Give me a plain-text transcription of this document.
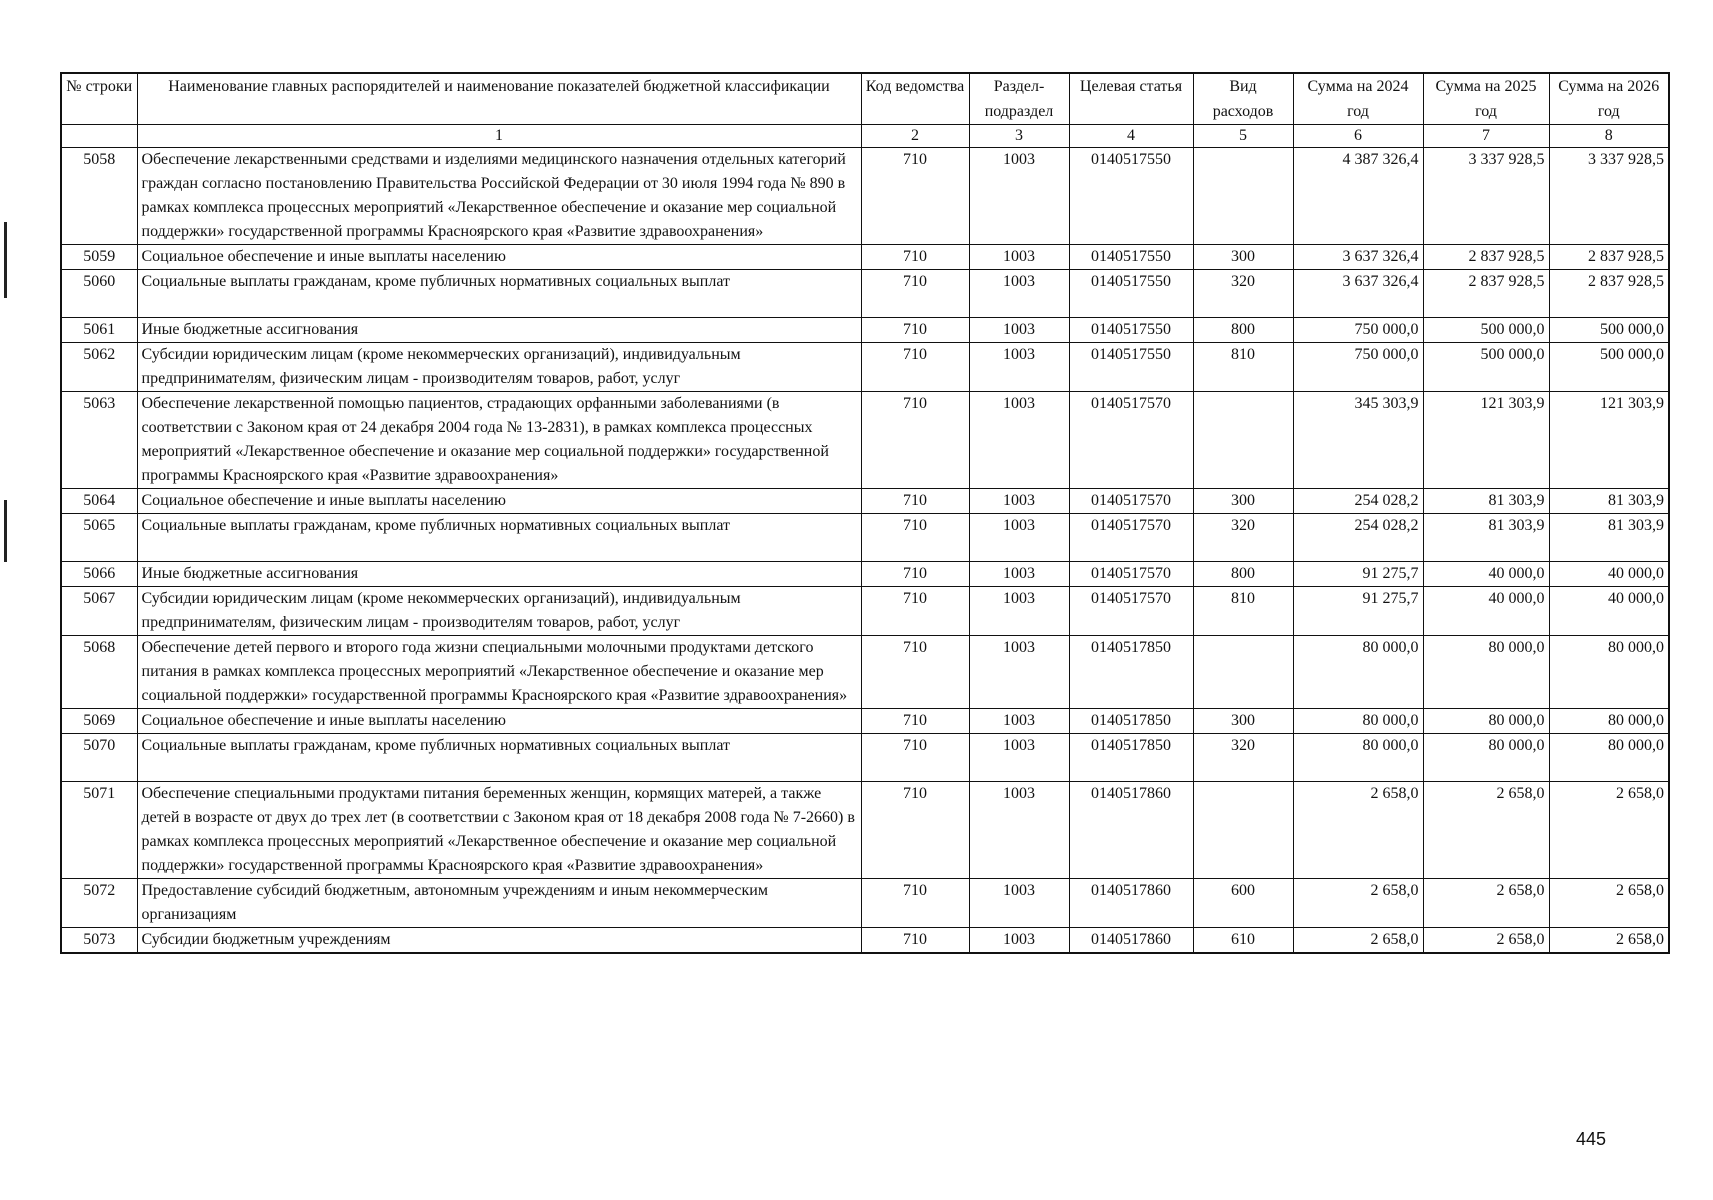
№ строки	Наименование главных распорядителей и наименование показателей бюджетной классификации	Код ведомства	Раздел-подраздел	Целевая статья	Вид расходов	Сумма на 2024 год	Сумма на 2025 год	Сумма на 2026 год
	1	2	3	4	5	6	7	8
5058	Обеспечение лекарственными средствами и изделиями медицинского назначения отдельных категорий граждан согласно постановлению Правительства Российской Федерации от 30 июля 1994 года № 890 в рамках комплекса процессных мероприятий «Лекарственное обеспечение и оказание мер социальной поддержки» государственной программы Красноярского края «Развитие здравоохранения»	710	1003	0140517550		4 387 326,4	3 337 928,5	3 337 928,5
5059	Социальное обеспечение и иные выплаты населению	710	1003	0140517550	300	3 637 326,4	2 837 928,5	2 837 928,5
5060	Социальные выплаты гражданам, кроме публичных нормативных социальных выплат	710	1003	0140517550	320	3 637 326,4	2 837 928,5	2 837 928,5
5061	Иные бюджетные ассигнования	710	1003	0140517550	800	750 000,0	500 000,0	500 000,0
5062	Субсидии юридическим лицам (кроме некоммерческих организаций), индивидуальным предпринимателям, физическим лицам - производителям товаров, работ, услуг	710	1003	0140517550	810	750 000,0	500 000,0	500 000,0
5063	Обеспечение лекарственной помощью пациентов, страдающих орфанными заболеваниями (в соответствии с Законом края от 24 декабря 2004 года № 13-2831), в рамках комплекса процессных мероприятий «Лекарственное обеспечение и оказание мер социальной поддержки» государственной программы Красноярского края «Развитие здравоохранения»	710	1003	0140517570		345 303,9	121 303,9	121 303,9
5064	Социальное обеспечение и иные выплаты населению	710	1003	0140517570	300	254 028,2	81 303,9	81 303,9
5065	Социальные выплаты гражданам, кроме публичных нормативных социальных выплат	710	1003	0140517570	320	254 028,2	81 303,9	81 303,9
5066	Иные бюджетные ассигнования	710	1003	0140517570	800	91 275,7	40 000,0	40 000,0
5067	Субсидии юридическим лицам (кроме некоммерческих организаций), индивидуальным предпринимателям, физическим лицам - производителям товаров, работ, услуг	710	1003	0140517570	810	91 275,7	40 000,0	40 000,0
5068	Обеспечение детей первого и второго года жизни специальными молочными продуктами детского питания в рамках комплекса процессных мероприятий «Лекарственное обеспечение и оказание мер социальной поддержки» государственной программы Красноярского края «Развитие здравоохранения»	710	1003	0140517850		80 000,0	80 000,0	80 000,0
5069	Социальное обеспечение и иные выплаты населению	710	1003	0140517850	300	80 000,0	80 000,0	80 000,0
5070	Социальные выплаты гражданам, кроме публичных нормативных социальных выплат	710	1003	0140517850	320	80 000,0	80 000,0	80 000,0
5071	Обеспечение специальными продуктами питания беременных женщин, кормящих матерей, а также детей в возрасте от двух до трех лет (в соответствии с Законом края от 18 декабря 2008 года № 7-2660) в рамках комплекса процессных мероприятий «Лекарственное обеспечение и оказание мер социальной поддержки» государственной программы Красноярского края «Развитие здравоохранения»	710	1003	0140517860		2 658,0	2 658,0	2 658,0
5072	Предоставление субсидий бюджетным, автономным учреждениям и иным некоммерческим организациям	710	1003	0140517860	600	2 658,0	2 658,0	2 658,0
5073	Субсидии бюджетным учреждениям	710	1003	0140517860	610	2 658,0	2 658,0	2 658,0
445
